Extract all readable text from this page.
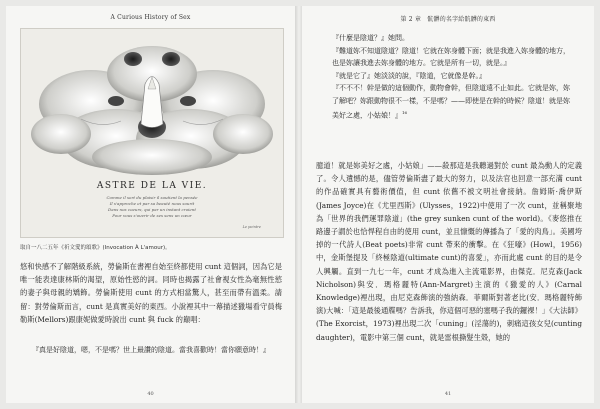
A Curious History of Sex
ASTRE DE LA VIE.
Comme il sort du plaisir il soutient la pensée
Il s'approche et par sa beauté nous sourit
Dans nos coeurs, qui par un instant croient
Pour vous s'ouvrir de ses sens un cœur
Le peintre
取自一八二五年《祈文愛的頌歌》(Invocation À L'amour)。
悠和快感不了解階級系統，勞倫斯在書裡自始至終都使用 cunt 這個詞，因為它是唯一能表達康林斯的渴望，原始性慾的詞。同時也揭露了社會視女性為毫無性慾的妻子與母親的矯飾。勞倫斯使用 cunt 的方式相當驚人，甚至而帶有溫柔。請留：對勞倫斯而言，cunt 是真實美好的東西。小說裡其中一幕描述獵場看守員梅勒斯(Mellors)跟康妮做愛時說出 cunt 與 fuck 的巔唱：

『真是好陰道，嗯，不是嗎？世上最讚的陰道。當我喜歡時！當你願意時！』

40
第 2 章　骯髒的名字給骯髒的東西

『什麼是陰道？』她問。

『難道妳不知道陰道？陰道！它就在妳身體下面；就是我進入妳身體的地方，也是妳讓我進去妳身體的地方。它就是所有一切，就是。』

『就是它了』她淡淡的說，『陰道，它就像是幹。』

『不不不！幹是做的這個動作，動物會幹，但陰道遠不止如此。它就是妳，妳了解吧？妳跟動物很不一樣，不是嗎？——即使是在幹的時候？陰道！就是妳美好之處，小姑娘！』$^{16}$

臆道！就是妳美好之處，小姑娘」——殺那這是我聽過對於 cunt 最為動人的定義了。令人遺憾的是，儘管勞倫斯盡了最大的努力，以及法官也回意一部充滿 cunt 的作品確實具有藝術價值，但 cunt 依舊不被文明社會接納。詹姆斯·喬伊斯(James Joyce)在《尤里西斯》(Ulysses，1922)中使用了一次 cunt，並稱聚地為「世界的我們運罪陰道」(the grey sunken cunt of the world)。《麥悠推在路邊子謂於也恰悍程自由的使用 cunt，並且慷慨的傳播為了「愛的肉鳥」。美國垮掉的一代詩人(Beat poets)非常 cunt 帶來的衝擊。在《狂嚎》(Howl，1956)中，金斯堡提及「終極陰道(ultimate cunt)的喜愛」，亦而此處 cunt 的目的是令人興觸。直到一九七一年，cunt 才成為進入主流電影界，由傑克．尼克森(Jack Nicholson)與安．瑪格麗特(Ann-Margret)主演的《獵愛的人》(Carnal Knowledge)裡出現，由尼克森飾演的強納森．菲爾斯對著老比(安．瑪格麗特飾演)大喊：「這是最後通牒嗎？告訴我，你這個可惡的塞嗎子我的鑼裸！」《大法師》(The Exorcist，1973)裡出現二次「cuning」(淫蕩的)，刺痛這孩女兒(cunting daughter)，電影中第三個 cunt，就是雷根撕髮生殼，她的
41
